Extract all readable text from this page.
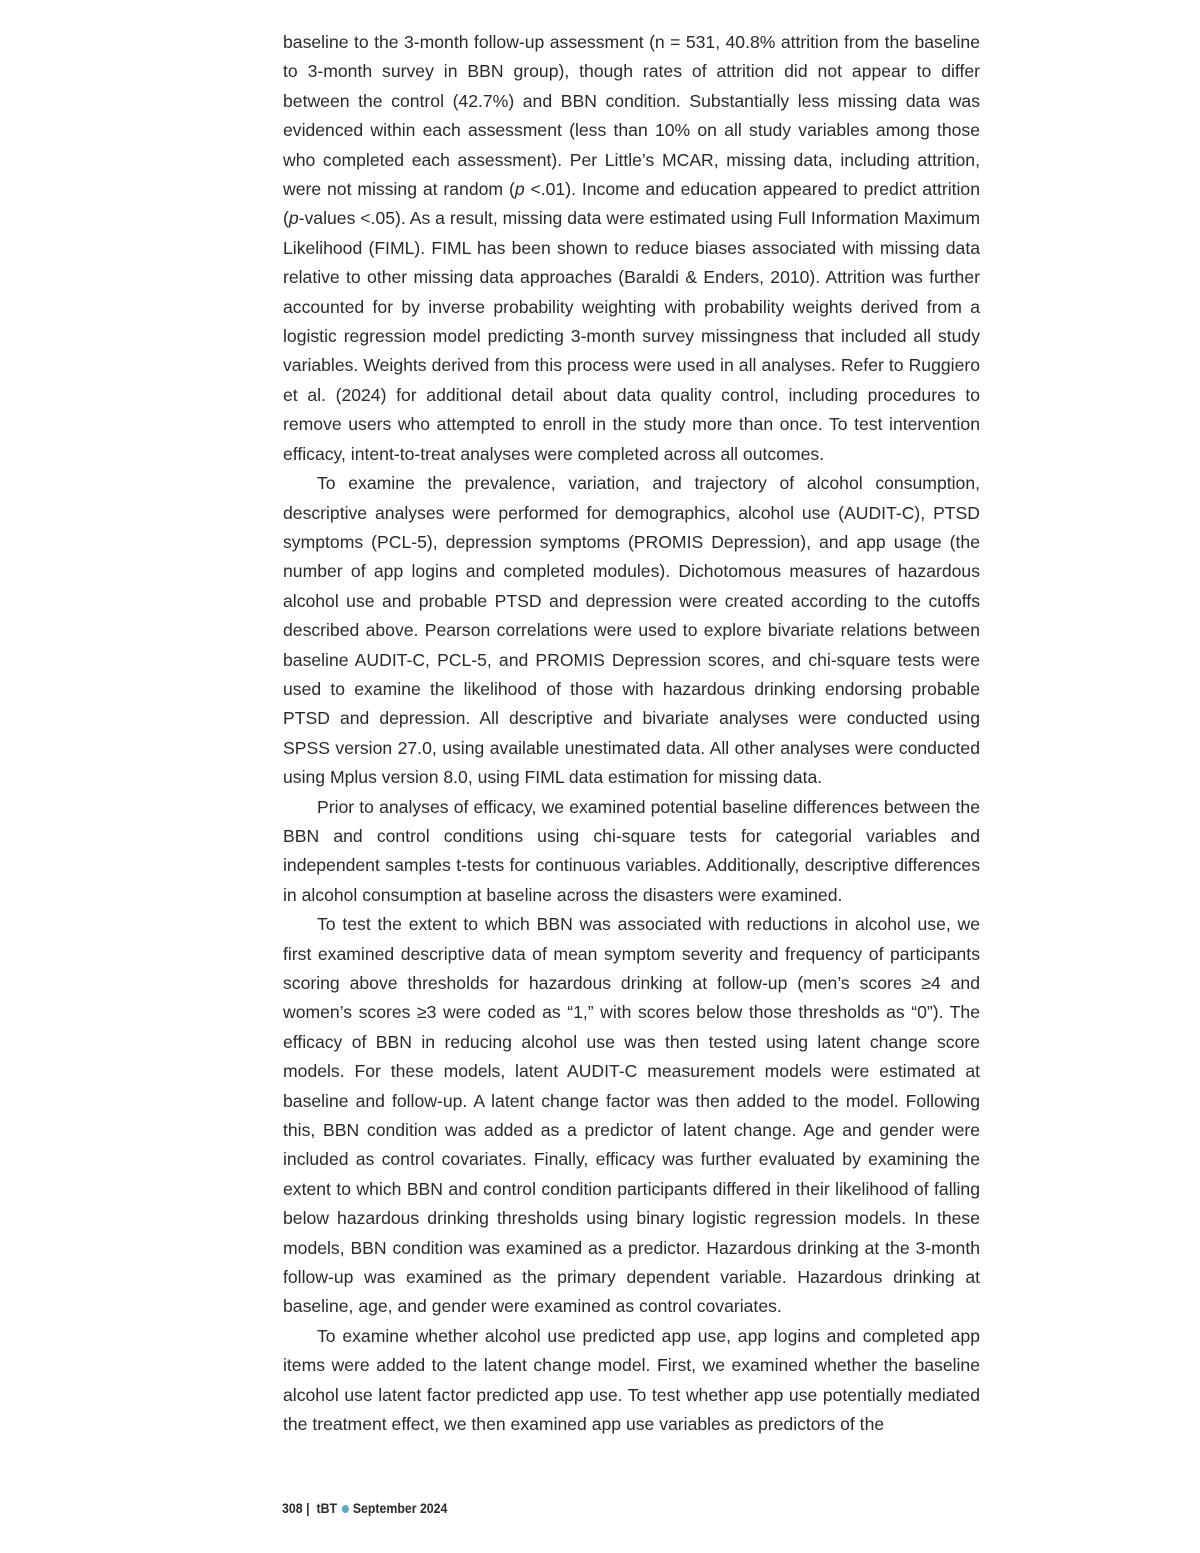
baseline to the 3-month follow-up assessment (n = 531, 40.8% attrition from the baseline to 3-month survey in BBN group), though rates of attrition did not appear to differ between the control (42.7%) and BBN condition. Substantially less missing data was evidenced within each assessment (less than 10% on all study variables among those who completed each assessment). Per Little’s MCAR, missing data, including attrition, were not missing at random (p <.01). Income and education appeared to predict attrition (p-values <.05). As a result, missing data were estimated using Full Information Maximum Likelihood (FIML). FIML has been shown to reduce biases associated with missing data relative to other missing data approaches (Baraldi & Enders, 2010). Attrition was further accounted for by inverse probability weighting with probability weights derived from a logistic regression model predicting 3-month survey missingness that included all study variables. Weights derived from this process were used in all analyses. Refer to Ruggiero et al. (2024) for additional detail about data quality control, including procedures to remove users who attempted to enroll in the study more than once. To test intervention efficacy, intent-to-treat analyses were completed across all outcomes.

To examine the prevalence, variation, and trajectory of alcohol consumption, descriptive analyses were performed for demographics, alcohol use (AUDIT-C), PTSD symptoms (PCL-5), depression symptoms (PROMIS Depression), and app usage (the number of app logins and completed modules). Dichotomous measures of hazardous alcohol use and probable PTSD and depression were created according to the cutoffs described above. Pearson correlations were used to explore bivariate relations between baseline AUDIT-C, PCL-5, and PROMIS Depression scores, and chi-square tests were used to examine the likelihood of those with hazardous drinking endorsing probable PTSD and depression. All descriptive and bivariate analyses were conducted using SPSS version 27.0, using available unestimated data. All other analyses were conducted using Mplus version 8.0, using FIML data estimation for missing data.

Prior to analyses of efficacy, we examined potential baseline differences between the BBN and control conditions using chi-square tests for categorial variables and independent samples t-tests for continuous variables. Additionally, descriptive differences in alcohol consumption at baseline across the disasters were examined.

To test the extent to which BBN was associated with reductions in alcohol use, we first examined descriptive data of mean symptom severity and frequency of participants scoring above thresholds for hazardous drinking at follow-up (men’s scores ≥4 and women’s scores ≥3 were coded as “1,” with scores below those thresholds as “0”). The efficacy of BBN in reducing alcohol use was then tested using latent change score models. For these models, latent AUDIT-C measurement models were estimated at baseline and follow-up. A latent change factor was then added to the model. Following this, BBN condition was added as a predictor of latent change. Age and gender were included as control covariates. Finally, efficacy was further evaluated by examining the extent to which BBN and control condition participants differed in their likelihood of falling below hazardous drinking thresholds using binary logistic regression models. In these models, BBN condition was examined as a predictor. Hazardous drinking at the 3-month follow-up was examined as the primary dependent variable. Hazardous drinking at baseline, age, and gender were examined as control covariates.

To examine whether alcohol use predicted app use, app logins and completed app items were added to the latent change model. First, we examined whether the baseline alcohol use latent factor predicted app use. To test whether app use potentially mediated the treatment effect, we then examined app use variables as predictors of the

308 | tBT September 2024
